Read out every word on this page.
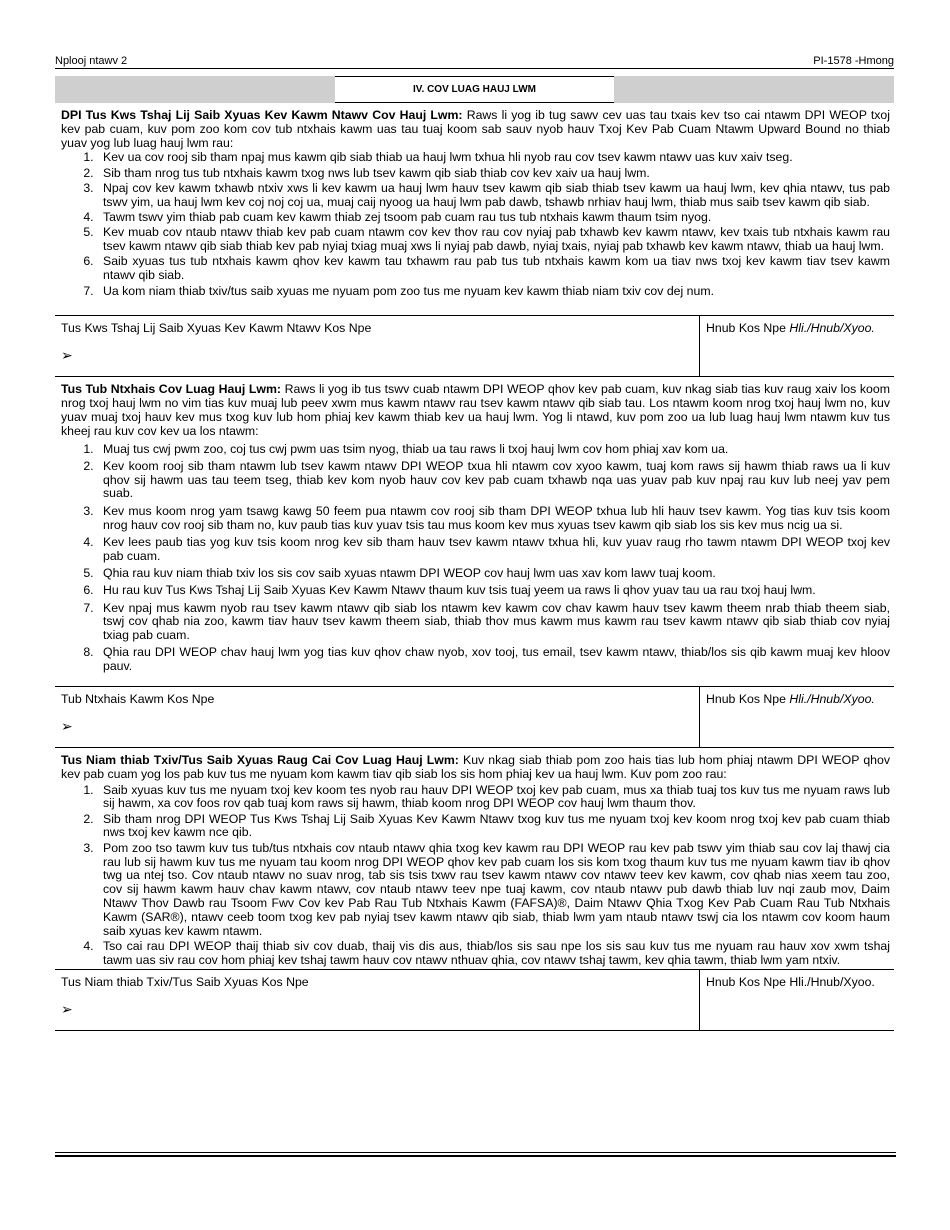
Nplooj ntawv 2	PI-1578 -Hmong
IV. COV LUAG HAUJ LWM
DPI Tus Kws Tshaj Lij Saib Xyuas Kev Kawm Ntawv Cov Hauj Lwm: Raws li yog ib tug sawv cev uas tau txais kev tso cai ntawm DPI WEOP txoj kev pab cuam, kuv pom zoo kom cov tub ntxhais kawm uas tau tuaj koom sab sauv nyob hauv Txoj Kev Pab Cuam Ntawm Upward Bound no thiab yuav yog lub luag hauj lwm rau:
1. Kev ua cov rooj sib tham npaj mus kawm qib siab thiab ua hauj lwm txhua hli nyob rau cov tsev kawm ntawv uas kuv xaiv tseg.
2. Sib tham nrog tus tub ntxhais kawm txog nws lub tsev kawm qib siab thiab cov kev xaiv ua hauj lwm.
3. Npaj cov kev kawm txhawb ntxiv xws li kev kawm ua hauj lwm hauv tsev kawm qib siab thiab tsev kawm ua hauj lwm, kev qhia ntawv, tus pab tswv yim, ua hauj lwm kev coj noj coj ua, muaj caij nyoog ua hauj lwm pab dawb, tshawb nrhiav hauj lwm, thiab mus saib tsev kawm qib siab.
4. Tawm tswv yim thiab pab cuam kev kawm thiab zej tsoom pab cuam rau tus tub ntxhais kawm thaum tsim nyog.
5. Kev muab cov ntaub ntawv thiab kev pab cuam ntawm cov kev thov rau cov nyiaj pab txhawb kev kawm ntawv, kev txais tub ntxhais kawm rau tsev kawm ntawv qib siab thiab kev pab nyiaj txiag muaj xws li nyiaj pab dawb, nyiaj txais, nyiaj pab txhawb kev kawm ntawv, thiab ua hauj lwm.
6. Saib xyuas tus tub ntxhais kawm qhov kev kawm tau txhawm rau pab tus tub ntxhais kawm kom ua tiav nws txoj kev kawm tiav tsev kawm ntawv qib siab.
7. Ua kom niam thiab txiv/tus saib xyuas me nyuam pom zoo tus me nyuam kev kawm thiab niam txiv cov dej num.
Tus Kws Tshaj Lij Saib Xyuas Kev Kawm Ntawv Kos Npe
➢
Hnub Kos Npe Hli./Hnub/Xyoo.
Tus Tub Ntxhais Cov Luag Hauj Lwm: Raws li yog ib tus tswv cuab ntawm DPI WEOP qhov kev pab cuam, kuv nkag siab tias kuv raug xaiv los koom nrog txoj hauj lwm no vim tias kuv muaj lub peev xwm mus kawm ntawv rau tsev kawm ntawv qib siab tau. Los ntawm koom nrog txoj hauj lwm no, kuv yuav muaj txoj hauv kev mus txog kuv lub hom phiaj kev kawm thiab kev ua hauj lwm. Yog li ntawd, kuv pom zoo ua lub luag hauj lwm ntawm kuv tus kheej rau kuv cov kev ua los ntawm:
1. Muaj tus cwj pwm zoo, coj tus cwj pwm uas tsim nyog, thiab ua tau raws li txoj hauj lwm cov hom phiaj xav kom ua.
2. Kev koom rooj sib tham ntawm lub tsev kawm ntawv DPI WEOP txua hli ntawm cov xyoo kawm, tuaj kom raws sij hawm thiab raws ua li kuv qhov sij hawm uas tau teem tseg, thiab kev kom nyob hauv cov kev pab cuam txhawb nqa uas yuav pab kuv npaj rau kuv lub neej yav pem suab.
3. Kev mus koom nrog yam tsawg kawg 50 feem pua ntawm cov rooj sib tham DPI WEOP txhua lub hli hauv tsev kawm. Yog tias kuv tsis koom nrog hauv cov rooj sib tham no, kuv paub tias kuv yuav tsis tau mus koom kev mus xyuas tsev kawm qib siab los sis kev mus ncig ua si.
4. Kev lees paub tias yog kuv tsis koom nrog kev sib tham hauv tsev kawm ntawv txhua hli, kuv yuav raug rho tawm ntawm DPI WEOP txoj kev pab cuam.
5. Qhia rau kuv niam thiab txiv los sis cov saib xyuas ntawm DPI WEOP cov hauj lwm uas xav kom lawv tuaj koom.
6. Hu rau kuv Tus Kws Tshaj Lij Saib Xyuas Kev Kawm Ntawv thaum kuv tsis tuaj yeem ua raws li qhov yuav tau ua rau txoj hauj lwm.
7. Kev npaj mus kawm nyob rau tsev kawm ntawv qib siab los ntawm kev kawm cov chav kawm hauv tsev kawm theem nrab thiab theem siab, tswj cov qhab nia zoo, kawm tiav hauv tsev kawm theem siab, thiab thov mus kawm mus kawm rau tsev kawm ntawv qib siab thiab cov nyiaj txiag pab cuam.
8. Qhia rau DPI WEOP chav hauj lwm yog tias kuv qhov chaw nyob, xov tooj, tus email, tsev kawm ntawv, thiab/los sis qib kawm muaj kev hloov pauv.
Tub Ntxhais Kawm Kos Npe
➢
Hnub Kos Npe Hli./Hnub/Xyoo.
Tus Niam thiab Txiv/Tus Saib Xyuas Raug Cai Cov Luag Hauj Lwm: Kuv nkag siab thiab pom zoo hais tias lub hom phiaj ntawm DPI WEOP qhov kev pab cuam yog los pab kuv tus me nyuam kom kawm tiav qib siab los sis hom phiaj kev ua hauj lwm. Kuv pom zoo rau:
1. Saib xyuas kuv tus me nyuam txoj kev koom tes nyob rau hauv DPI WEOP txoj kev pab cuam, mus xa thiab tuaj tos kuv tus me nyuam raws lub sij hawm, xa cov foos rov qab tuaj kom raws sij hawm, thiab koom nrog DPI WEOP cov hauj lwm thaum thov.
2. Sib tham nrog DPI WEOP Tus Kws Tshaj Lij Saib Xyuas Kev Kawm Ntawv txog kuv tus me nyuam txoj kev koom nrog txoj kev pab cuam thiab nws txoj kev kawm nce qib.
3. Pom zoo tso tawm kuv tus tub/tus ntxhais cov ntaub ntawv qhia txog kev kawm rau DPI WEOP rau kev pab tswv yim thiab sau cov laj thawj cia rau lub sij hawm kuv tus me nyuam tau koom nrog DPI WEOP qhov kev pab cuam los sis kom txog thaum kuv tus me nyuam kawm tiav ib qhov twg ua ntej tso. Cov ntaub ntawv no suav nrog, tab sis tsis txwv rau tsev kawm ntawv cov ntawv teev kev kawm, cov qhab nias xeem tau zoo, cov sij hawm kawm hauv chav kawm ntawv, cov ntaub ntawv teev npe tuaj kawm, cov ntaub ntawv pub dawb thiab luv nqi zaub mov, Daim Ntawv Thov Dawb rau Tsoom Fwv Cov kev Pab Rau Tub Ntxhais Kawm (FAFSA)®, Daim Ntawv Qhia Txog Kev Pab Cuam Rau Tub Ntxhais Kawm (SAR®), ntawv ceeb toom txog kev pab nyiaj tsev kawm ntawv qib siab, thiab lwm yam ntaub ntawv tswj cia los ntawm cov koom haum saib xyuas kev kawm ntawm.
4. Tso cai rau DPI WEOP thaij thiab siv cov duab, thaij vis dis aus, thiab/los sis sau npe los sis sau kuv tus me nyuam rau hauv xov xwm tshaj tawm uas siv rau cov hom phiaj kev tshaj tawm hauv cov ntawv nthuav qhia, cov ntawv tshaj tawm, kev qhia tawm, thiab lwm yam ntxiv.
Tus Niam thiab Txiv/Tus Saib Xyuas Kos Npe
➢
Hnub Kos Npe Hli./Hnub/Xyoo.
